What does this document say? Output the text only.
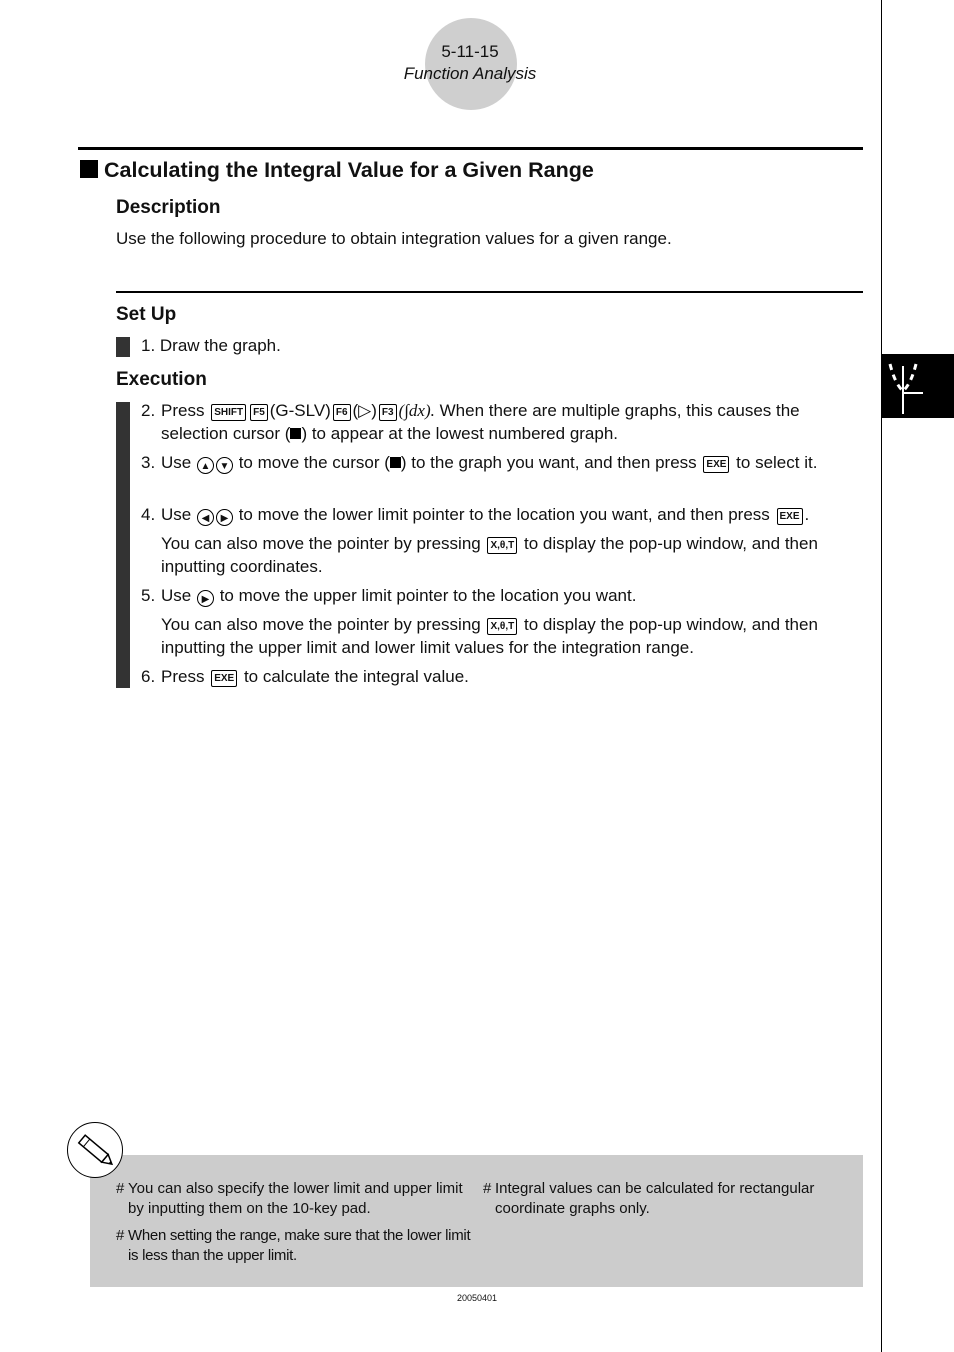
5-11-15
Function Analysis
Calculating the Integral Value for a Given Range
Description
Use the following procedure to obtain integration values for a given range.
Set Up
1. Draw the graph.
Execution
2. Press SHIFT F5 (G-SLV) F6 (▷) F3 (∫dx). When there are multiple graphs, this causes the selection cursor ( ) to appear at the lowest numbered graph.
3. Use ▲ ▼ to move the cursor ( ) to the graph you want, and then press EXE to select it.
4. Use ◀ ▶ to move the lower limit pointer to the location you want, and then press EXE .
You can also move the pointer by pressing X,θ,T to display the pop-up window, and then inputting coordinates.
5. Use ▶ to move the upper limit pointer to the location you want.
You can also move the pointer by pressing X,θ,T to display the pop-up window, and then inputting the upper limit and lower limit values for the integration range.
6. Press EXE to calculate the integral value.
# You can also specify the lower limit and upper limit by inputting them on the 10-key pad.
# When setting the range, make sure that the lower limit is less than the upper limit.
# Integral values can be calculated for rectangular coordinate graphs only.
20050401
